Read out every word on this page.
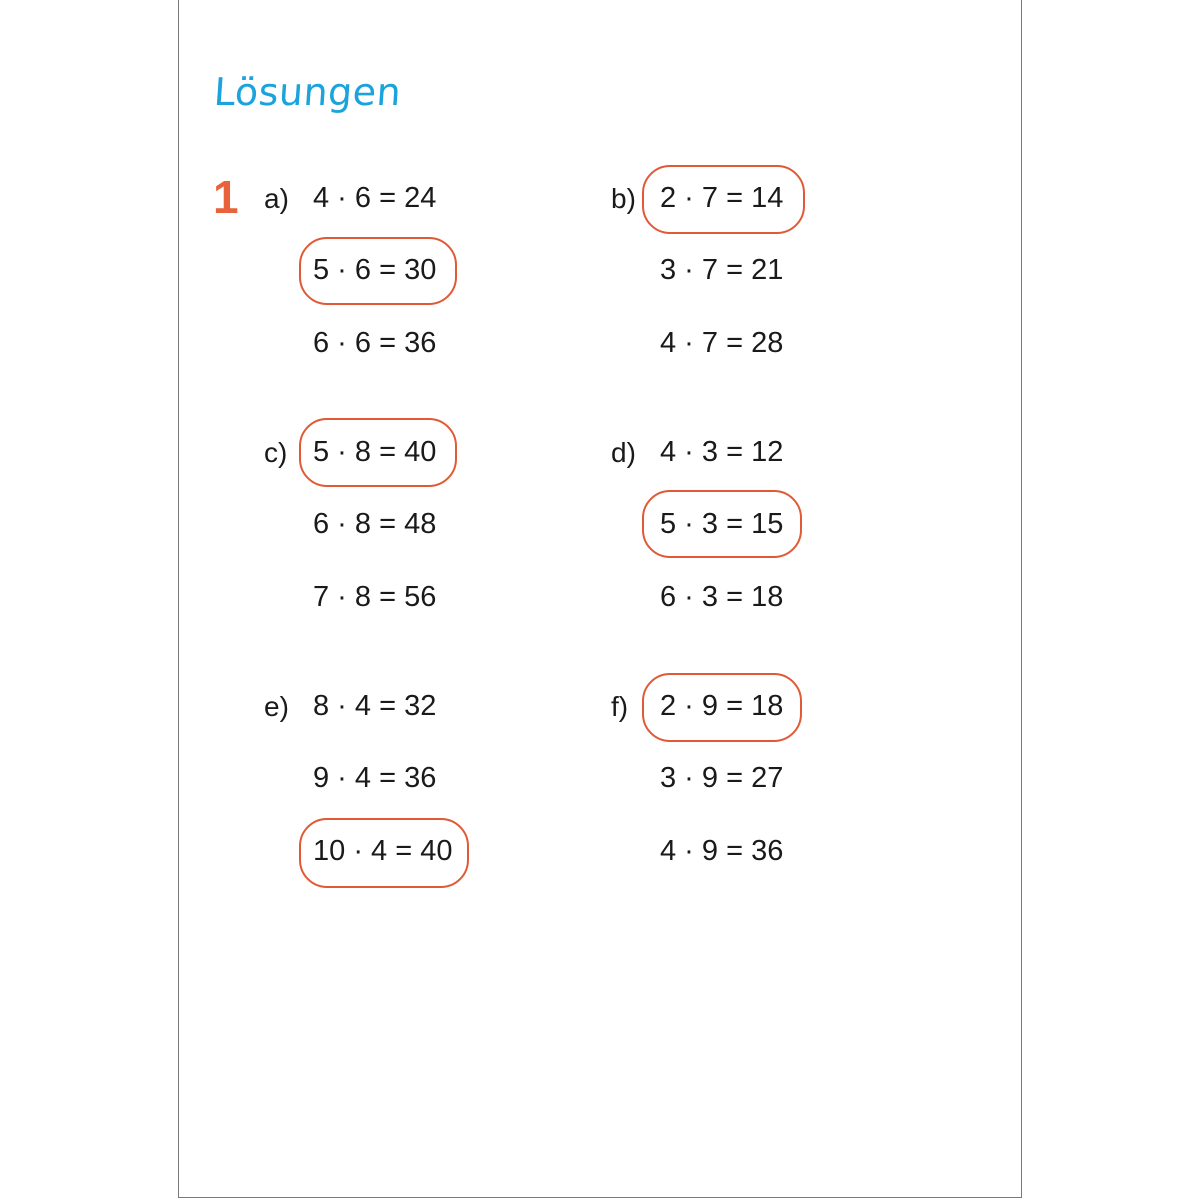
Lösungen
1 a) 4 · 6 = 24
5 · 6 = 30
6 · 6 = 36
b) 2 · 7 = 14
3 · 7 = 21
4 · 7 = 28
c) 5 · 8 = 40
6 · 8 = 48
7 · 8 = 56
d) 4 · 3 = 12
5 · 3 = 15
6 · 3 = 18
e) 8 · 4 = 32
9 · 4 = 36
10 · 4 = 40
f) 2 · 9 = 18
3 · 9 = 27
4 · 9 = 36
